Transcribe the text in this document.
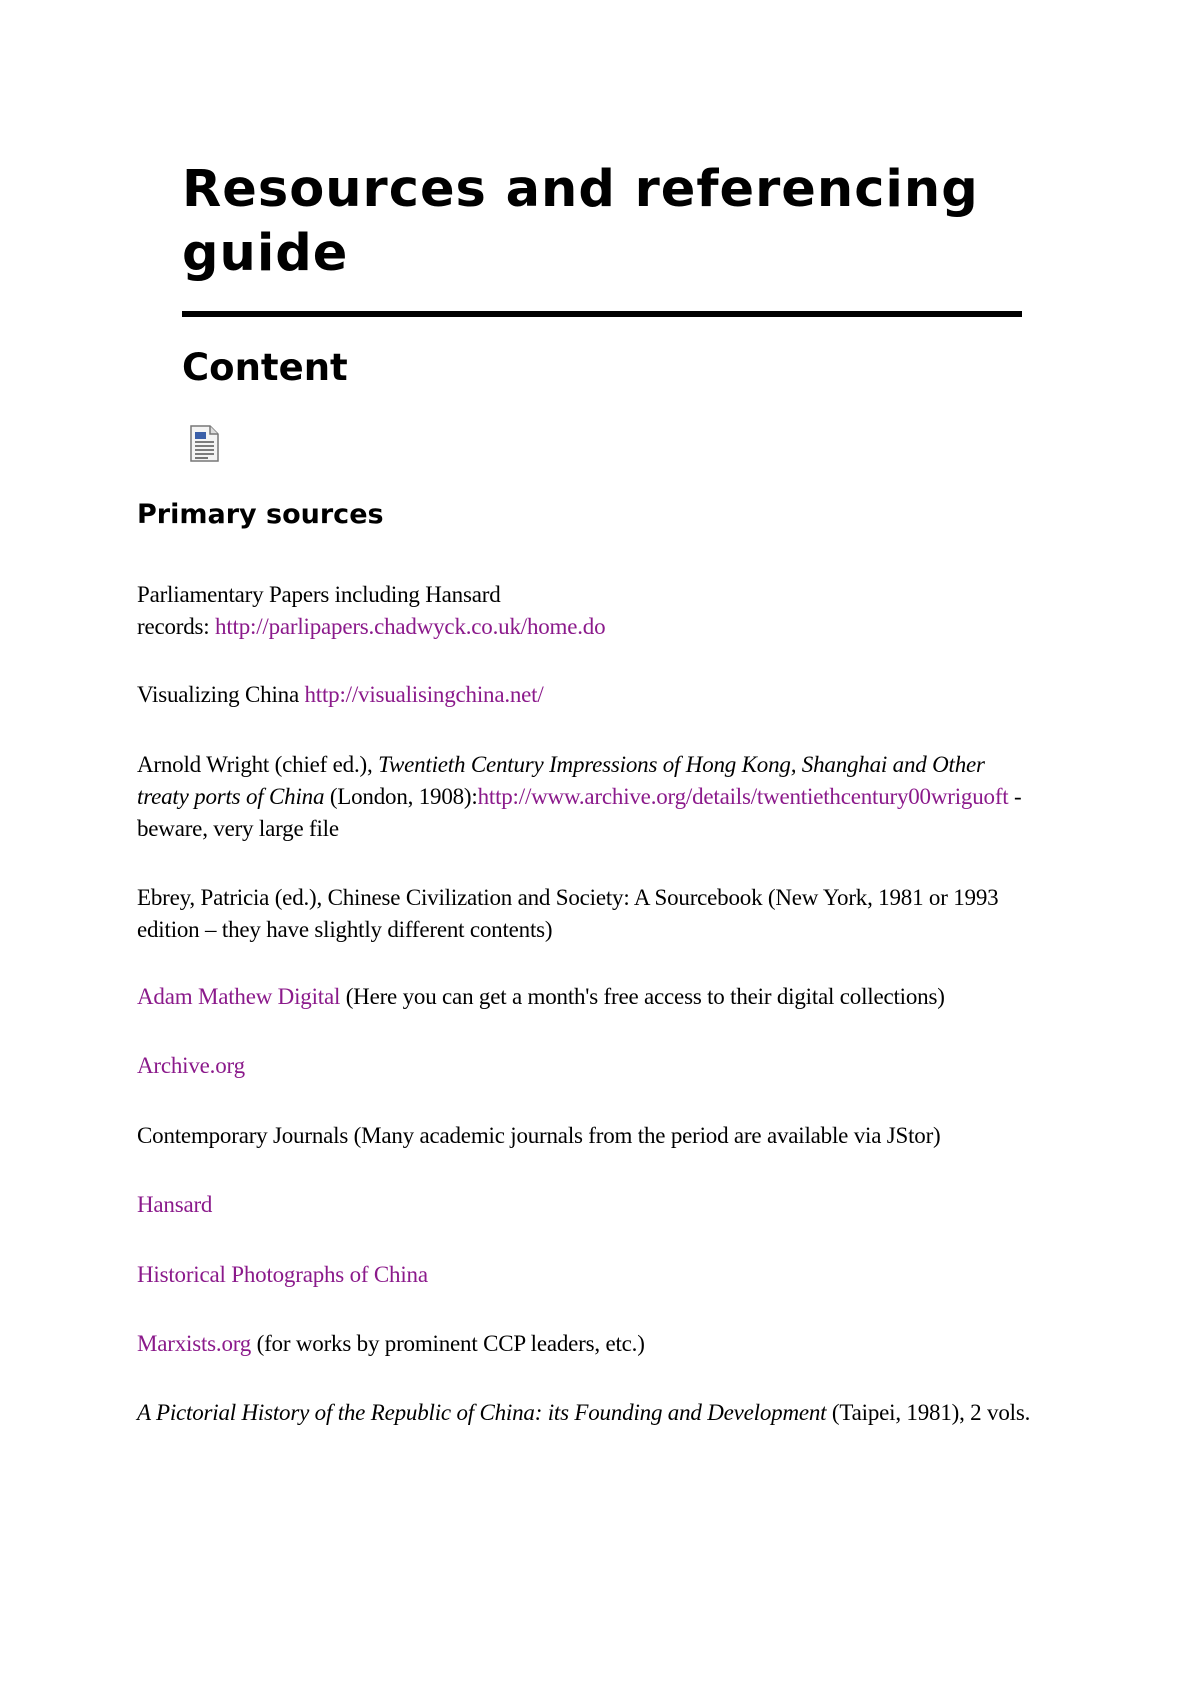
Resources and referencing guide
Content
Primary sources

Parliamentary Papers including Hansard
records: http://parlipapers.chadwyck.co.uk/home.do

Visualizing China http://visualisingchina.net/

Arnold Wright (chief ed.), Twentieth Century Impressions of Hong Kong, Shanghai and Other treaty ports of China (London, 1908):http://www.archive.org/details/twentiethcentury00wriguoft - beware, very large file

Ebrey, Patricia (ed.), Chinese Civilization and Society: A Sourcebook (New York, 1981 or 1993 edition – they have slightly different contents)

Adam Mathew Digital (Here you can get a month's free access to their digital collections)

Archive.org

Contemporary Journals (Many academic journals from the period are available via JStor)

Hansard

Historical Photographs of China

Marxists.org (for works by prominent CCP leaders, etc.)

A Pictorial History of the Republic of China: its Founding and Development (Taipei, 1981), 2 vols.
